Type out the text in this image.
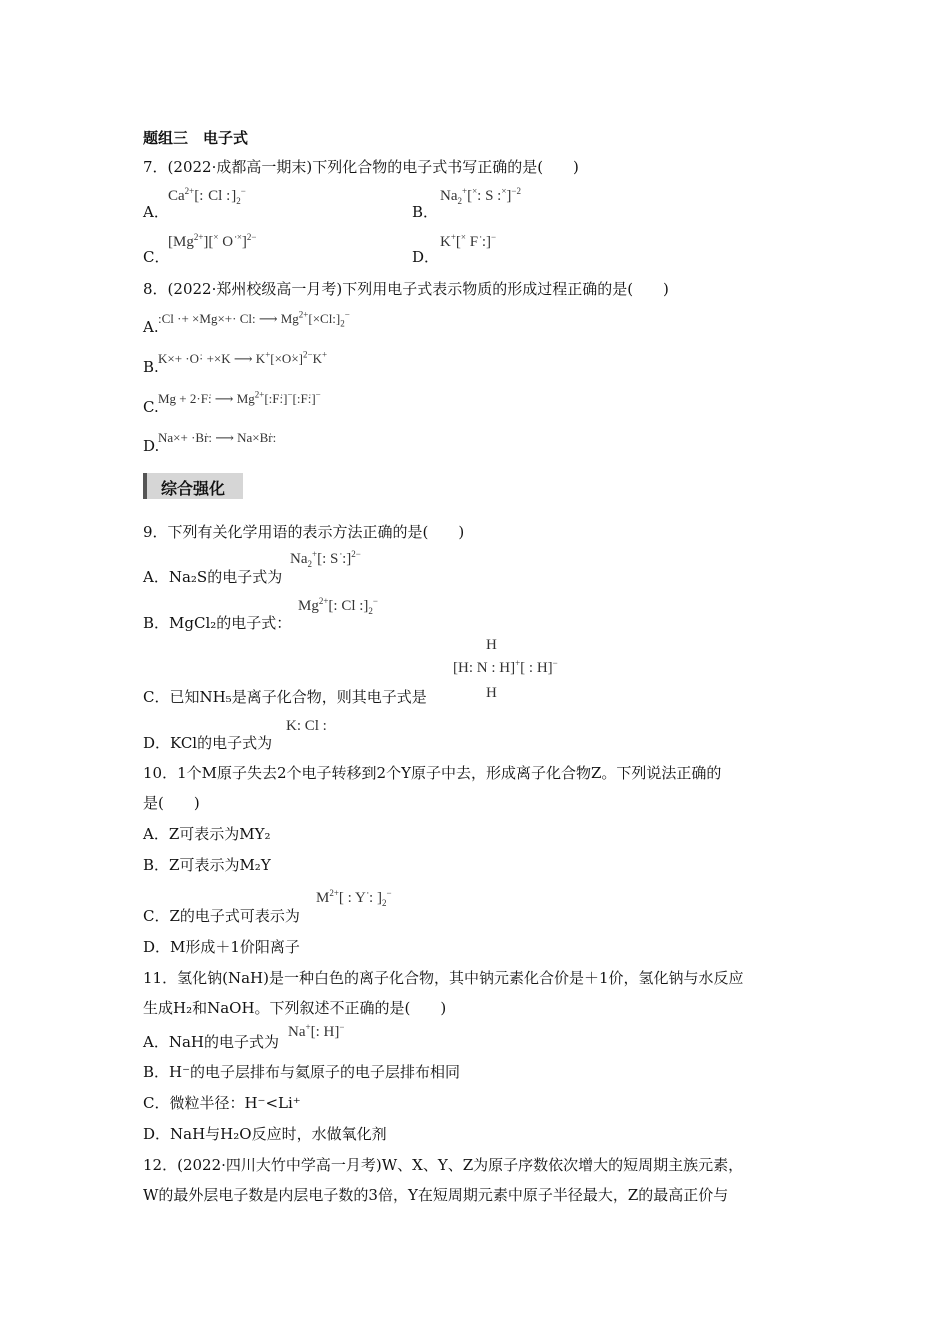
题组三　电子式
7．(2022·成都高一期末)下列化合物的电子式书写正确的是(　　)
A．
$Ca^{2+}$[: C͘l $:]_2^-$
B．
$Na_2^+[^\times$: S :×]$^{-2}$
C．
$[Mg^{2+}][^\times$ O͘ ×]$^{2-}$
D．
K+[× F͘ :]−
8．(2022·郑州校级高一月考)下列用电子式表示物质的形成过程正确的是(　　)
A. :C͘l ·+ ×Mg×+· C͘l: ⟶ $Mg^{2+}[\times C͘l:]_2^-$
B. K×+ ·O͘· +×K ⟶ K+[×O͘×]$^{2-}$K+
C. Mg + 2·F͘: ⟶ $Mg^{2+}[:F͘:]^-[:F͘:]^-$
D.
Na×+ ·B͘r: ⟶ Na×B͘r:
综合强化
9．下列有关化学用语的表示方法正确的是(　　)
A．Na₂S的电子式为
$Na_2^+$[: S͘ :]$^{2-}$
B．MgCl₂的电子式：
$Mg^{2+}$[: C͘l $:]_2^-$
C．已知NH₅是离子化合物，则其电子式是
H
[H: N : H]+[ : H]−
H
D．KCl的电子式为
K: C͘l :
10．1个M原子失去2个电子转移到2个Y原子中去，形成离子化合物Z。下列说法正确的
是(　　)
A．Z可表示为MY₂
B．Z可表示为M₂Y
C．Z的电子式可表示为
$M^{2+}$[ : Y͘ : ]$_2^-$
D．M形成＋1价阳离子
11．氢化钠(NaH)是一种白色的离子化合物，其中钠元素化合价是＋1价，氢化钠与水反应
生成H₂和NaOH。下列叙述不正确的是(　　)
A．NaH的电子式为
Na+[: H]−
B．H⁻的电子层排布与氦原子的电子层排布相同
C．微粒半径：H⁻<Li⁺
D．NaH与H₂O反应时，水做氧化剂
12．(2022·四川大竹中学高一月考)W、X、Y、Z为原子序数依次增大的短周期主族元素，
W的最外层电子数是内层电子数的3倍，Y在短周期元素中原子半径最大，Z的最高正价与
